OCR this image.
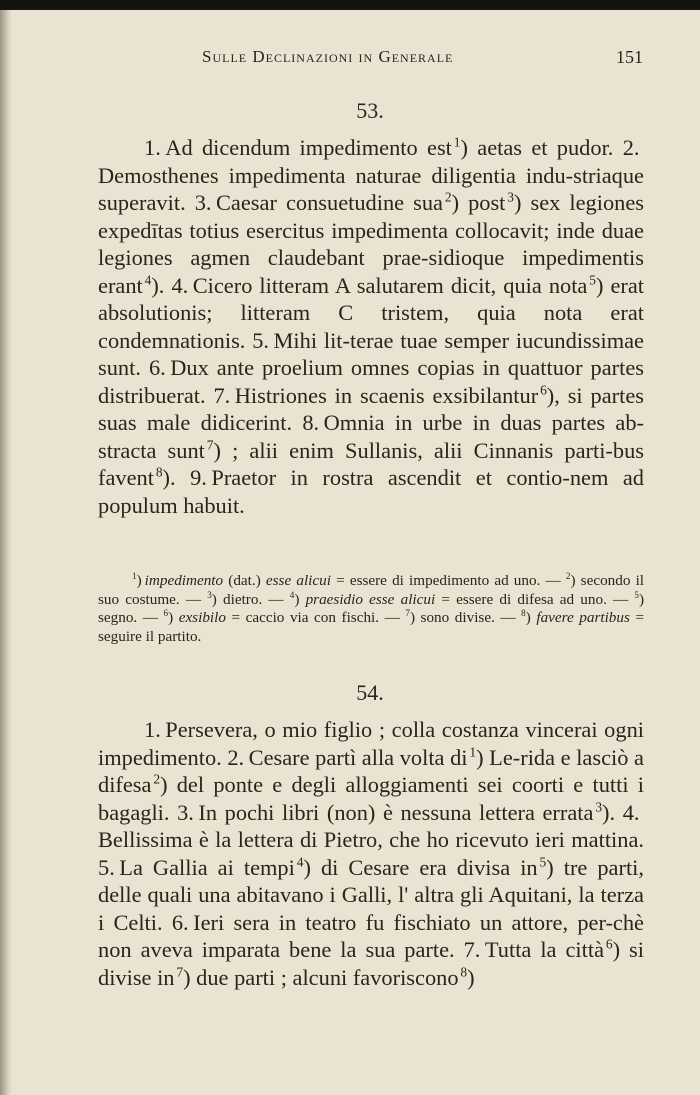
Sulle Declinazioni in Generale	151
53.
1.  Ad dicendum impedimento est  $^1$) aetas et pudor. 2. Demosthenes impedimenta naturae diligentia indu-striaque superavit. 3.  Caesar consuetudine sua  $^2$) post  $^3$) sex legiones expedītas totius esercitus impedimenta collocavit; inde duae legiones agmen claudebant prae-sidioque impedimentis erant  $^4$). 4.  Cicero litteram A salutarem dicit, quia nota  $^5$) erat absolutionis; litteram C tristem, quia nota erat condemnationis. 5.  Mihi lit-terae tuae semper iucundissimae sunt. 6.  Dux ante proelium omnes copias in quattuor partes distribuerat. 7.  Histriones in scaenis exsibilantur  $^6$), si partes suas male didicerint. 8.  Omnia in urbe in duas partes ab-stracta sunt  $^7$) ; alii enim Sullanis, alii Cinnanis parti-bus favent  $^8$). 9.  Praetor in rostra ascendit et contio-nem ad populum habuit.
$^1$) impedimento (dat.) esse alicui = essere di impedimento ad uno. — $^2$) secondo il suo costume. — $^3$) dietro. — $^4$) praesidio esse alicui = essere di difesa ad uno. — $^5$) segno. — $^6$) exsibilo = caccio via con fischi. — $^7$) sono divise. — $^8$) favere partibus = seguire il partito.
54.
1.  Persevera, o mio figlio ; colla costanza vincerai ogni impedimento. 2.  Cesare partì alla volta di  $^1$) Le-rida e lasciò a difesa  $^2$) del ponte e degli alloggiamenti sei coorti e tutti i bagagli. 3.  In pochi libri (non) è nessuna lettera errata  $^3$). 4. Bellissima è la lettera di Pietro, che ho ricevuto ieri mattina. 5.  La Gallia ai tempi  $^4$) di Cesare era divisa in  $^5$) tre parti, delle quali una abitavano i Galli, l' altra gli Aquitani, la terza i Celti. 6.  Ieri sera in teatro fu fischiato un attore, per-chè non aveva imparata bene la sua parte. 7.  Tutta la città  $^6$) si divise in  $^7$) due parti ; alcuni favoriscono  $^8$)
